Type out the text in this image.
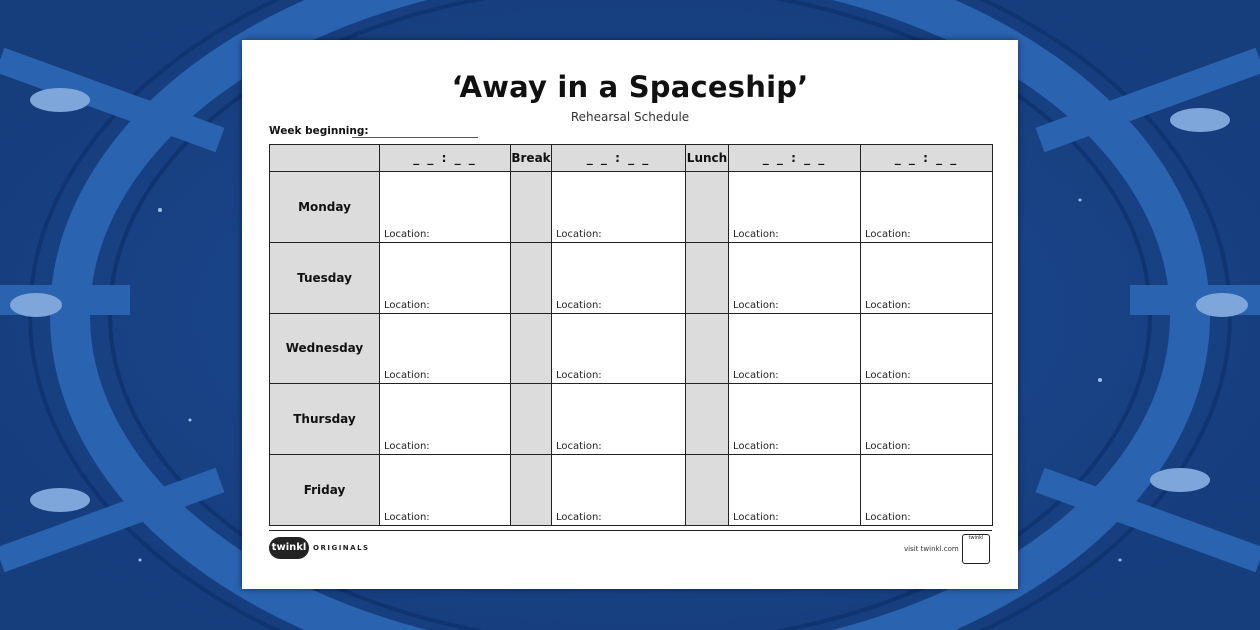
‘Away in a Spaceship’
Rehearsal Schedule
Week beginning:
	_ _ : _ _	Break	_ _ : _ _	Lunch	_ _ : _ _	_ _ : _ _
Monday	Location:		Location:		Location:	Location:

Tuesday	Location:		Location:		Location:	Location:

Wednesday	Location:		Location:		Location:	Location:

Thursday	Location:		Location:		Location:	Location:

Friday	Location:		Location:		Location:	Location:
twinkl ORIGINALS	visit twinkl.com
twinkl
